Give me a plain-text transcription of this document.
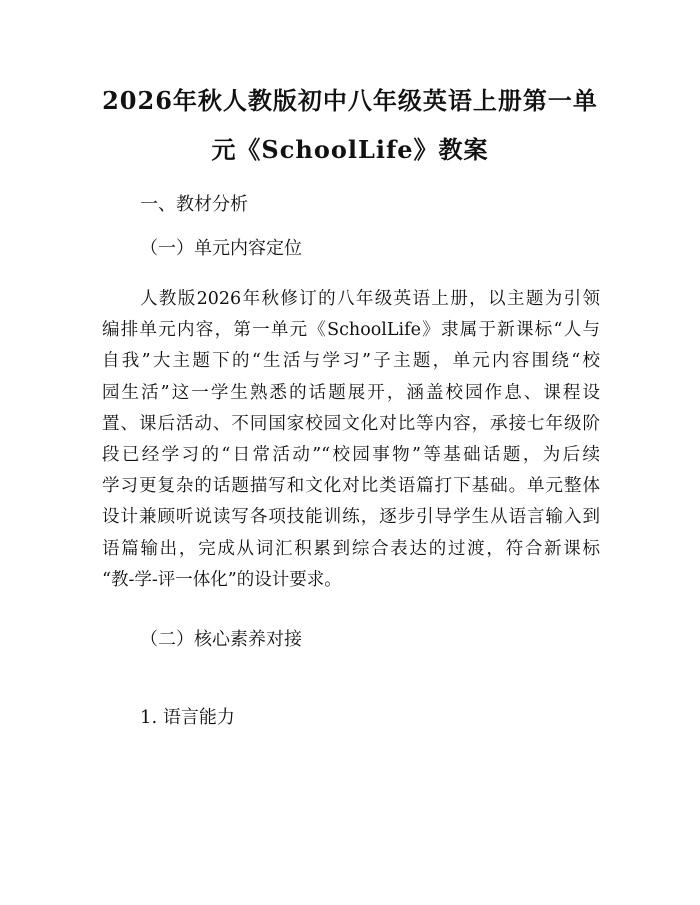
2026年秋人教版初中八年级英语上册第一单
元《SchoolLife》教案
一、教材分析
（一）单元内容定位
人教版2026年秋修订的八年级英语上册，以主题为引领
编排单元内容，第一单元《SchoolLife》隶属于新课标“人与
自我”大主题下的“生活与学习”子主题，单元内容围绕“校
园生活”这一学生熟悉的话题展开，涵盖校园作息、课程设
置、课后活动、不同国家校园文化对比等内容，承接七年级阶
段已经学习的“日常活动”“校园事物”等基础话题，为后续
学习更复杂的话题描写和文化对比类语篇打下基础。单元整体
设计兼顾听说读写各项技能训练，逐步引导学生从语言输入到
语篇输出，完成从词汇积累到综合表达的过渡，符合新课标
“教-学-评一体化”的设计要求。
（二）核心素养对接
1. 语言能力
